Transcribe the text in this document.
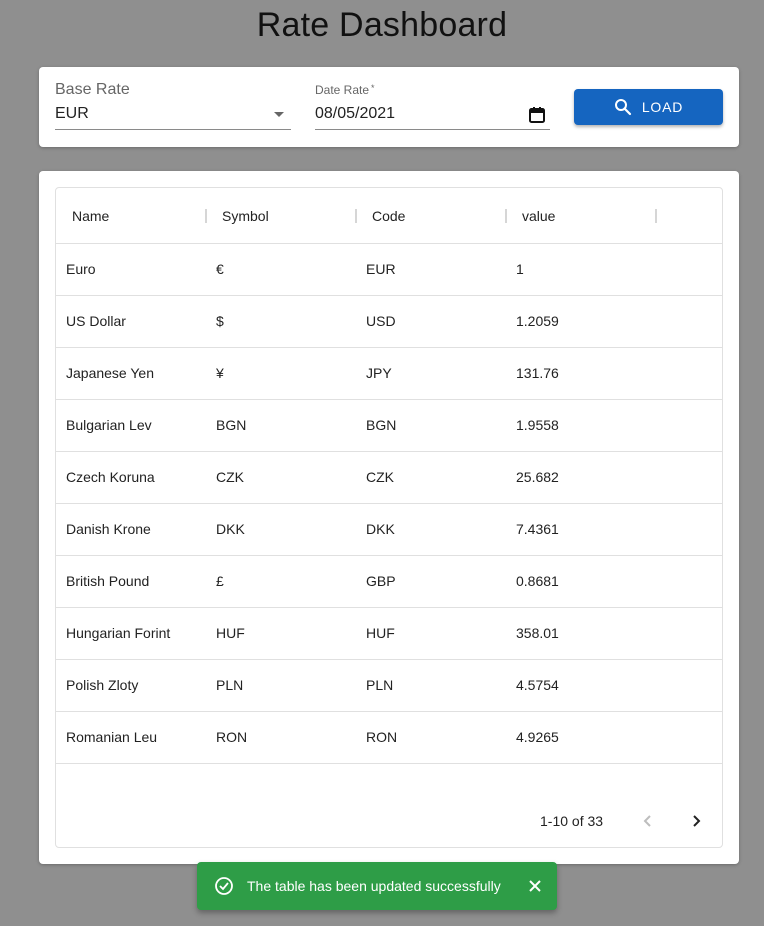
Rate Dashboard
Base Rate
EUR
Date Rate *
08/05/2021	LOAD
Name	Symbol	Code	value
Euro	€	EUR	1
US Dollar	$	USD	1.2059
Japanese Yen	¥	JPY	131.76
Bulgarian Lev	BGN	BGN	1.9558
Czech Koruna	CZK	CZK	25.682
Danish Krone	DKK	DKK	7.4361
British Pound	£	GBP	0.8681
Hungarian Forint	HUF	HUF	358.01
Polish Zloty	PLN	PLN	4.5754
Romanian Leu	RON	RON	4.9265
1-10 of 33
The table has been updated successfully
